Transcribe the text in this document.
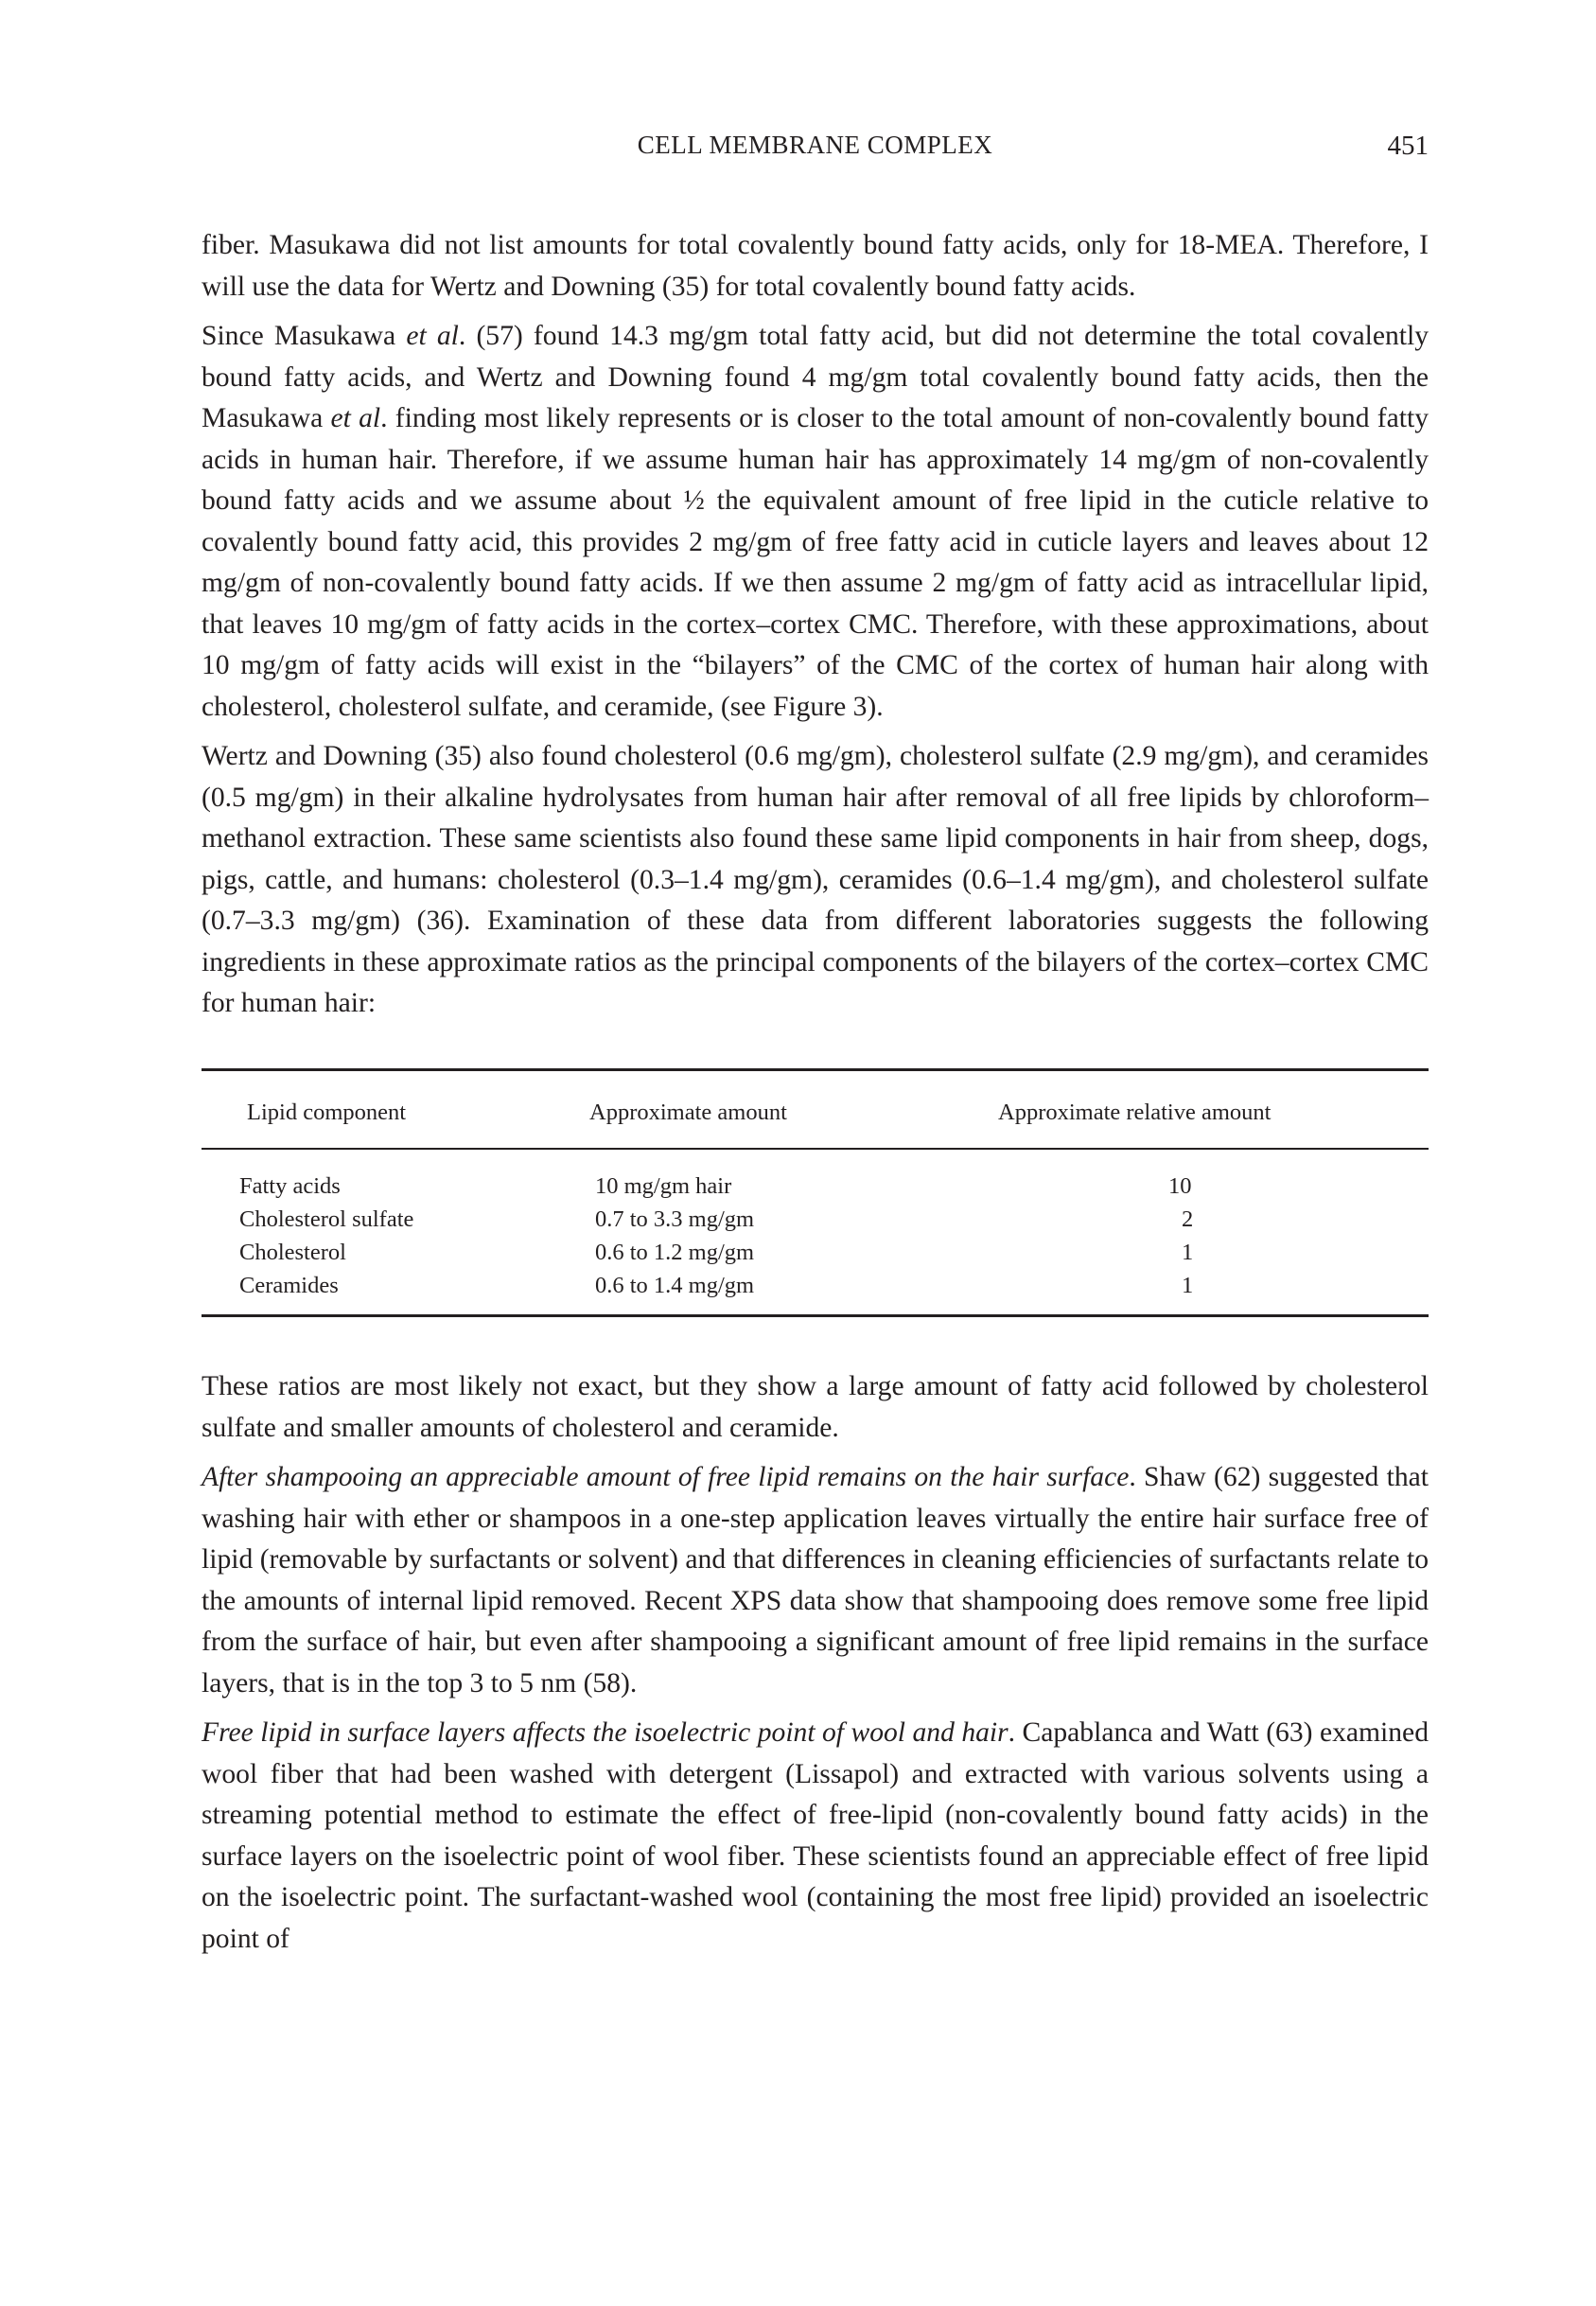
CELL MEMBRANE COMPLEX	451

fiber. Masukawa did not list amounts for total covalently bound fatty acids, only for 18-MEA. Therefore, I will use the data for Wertz and Downing (35) for total covalently bound fatty acids.

Since Masukawa et al. (57) found 14.3 mg/gm total fatty acid, but did not determine the total covalently bound fatty acids, and Wertz and Downing found 4 mg/gm total covalently bound fatty acids, then the Masukawa et al. finding most likely represents or is closer to the total amount of non-covalently bound fatty acids in human hair. Therefore, if we assume human hair has approximately 14 mg/gm of non-covalently bound fatty acids and we assume about ½ the equivalent amount of free lipid in the cuticle relative to covalently bound fatty acid, this provides 2 mg/gm of free fatty acid in cuticle layers and leaves about 12 mg/gm of non-covalently bound fatty acids. If we then assume 2 mg/gm of fatty acid as intracellular lipid, that leaves 10 mg/gm of fatty acids in the cortex–cortex CMC. Therefore, with these approximations, about 10 mg/gm of fatty acids will exist in the “bilayers” of the CMC of the cortex of human hair along with cholesterol, cholesterol sulfate, and ceramide, (see Figure 3).

Wertz and Downing (35) also found cholesterol (0.6 mg/gm), cholesterol sulfate (2.9 mg/gm), and ceramides (0.5 mg/gm) in their alkaline hydrolysates from human hair after removal of all free lipids by chloroform–methanol extraction. These same scientists also found these same lipid components in hair from sheep, dogs, pigs, cattle, and humans: cholesterol (0.3–1.4 mg/gm), ceramides (0.6–1.4 mg/gm), and cholesterol sulfate (0.7–3.3 mg/gm) (36). Examination of these data from different laboratories suggests the following ingredients in these approximate ratios as the principal components of the bilayers of the cortex–cortex CMC for human hair:

Lipid component	Approximate amount	Approximate relative amount
Fatty acids	10 mg/gm hair	10
Cholesterol sulfate	0.7 to 3.3 mg/gm	2
Cholesterol	0.6 to 1.2 mg/gm	1
Ceramides	0.6 to 1.4 mg/gm	1

These ratios are most likely not exact, but they show a large amount of fatty acid followed by cholesterol sulfate and smaller amounts of cholesterol and ceramide.

After shampooing an appreciable amount of free lipid remains on the hair surface. Shaw (62) suggested that washing hair with ether or shampoos in a one-step application leaves virtually the entire hair surface free of lipid (removable by surfactants or solvent) and that differences in cleaning efficiencies of surfactants relate to the amounts of internal lipid removed. Recent XPS data show that shampooing does remove some free lipid from the surface of hair, but even after shampooing a significant amount of free lipid remains in the surface layers, that is in the top 3 to 5 nm (58).

Free lipid in surface layers affects the isoelectric point of wool and hair. Capablanca and Watt (63) examined wool fiber that had been washed with detergent (Lissapol) and extracted with various solvents using a streaming potential method to estimate the effect of free-lipid (non-covalently bound fatty acids) in the surface layers on the isoelectric point of wool fiber. These scientists found an appreciable effect of free lipid on the isoelectric point. The surfactant-washed wool (containing the most free lipid) provided an isoelectric point of
